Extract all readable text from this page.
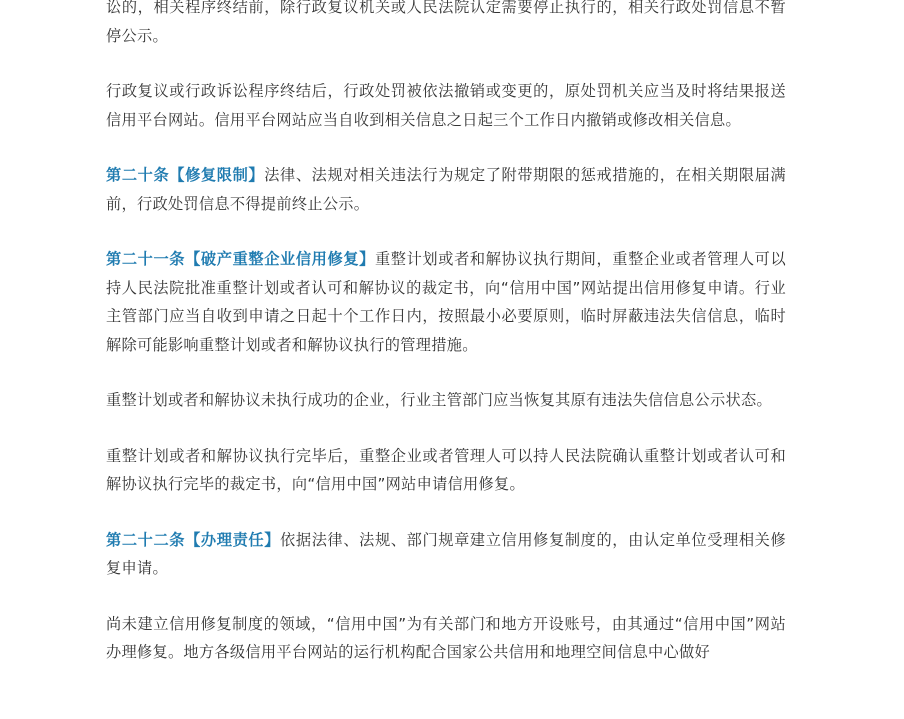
讼的，相关程序终结前，除行政复议机关或人民法院认定需要停止执行的，相关行政处罚信息不暂停公示。

行政复议或行政诉讼程序终结后，行政处罚被依法撤销或变更的，原处罚机关应当及时将结果报送信用平台网站。信用平台网站应当自收到相关信息之日起三个工作日内撤销或修改相关信息。

第二十条【修复限制】法律、法规对相关违法行为规定了附带期限的惩戒措施的，在相关期限届满前，行政处罚信息不得提前终止公示。

第二十一条【破产重整企业信用修复】重整计划或者和解协议执行期间，重整企业或者管理人可以持人民法院批准重整计划或者认可和解协议的裁定书，向“信用中国”网站提出信用修复申请。行业主管部门应当自收到申请之日起十个工作日内，按照最小必要原则，临时屏蔽违法失信信息，临时解除可能影响重整计划或者和解协议执行的管理措施。

重整计划或者和解协议未执行成功的企业，行业主管部门应当恢复其原有违法失信信息公示状态。

重整计划或者和解协议执行完毕后，重整企业或者管理人可以持人民法院确认重整计划或者认可和解协议执行完毕的裁定书，向“信用中国”网站申请信用修复。

第二十二条【办理责任】依据法律、法规、部门规章建立信用修复制度的，由认定单位受理相关修复申请。

尚未建立信用修复制度的领域，“信用中国”为有关部门和地方开设账号，由其通过“信用中国”网站办理修复。地方各级信用平台网站的运行机构配合国家公共信用和地理空间信息中心做好
